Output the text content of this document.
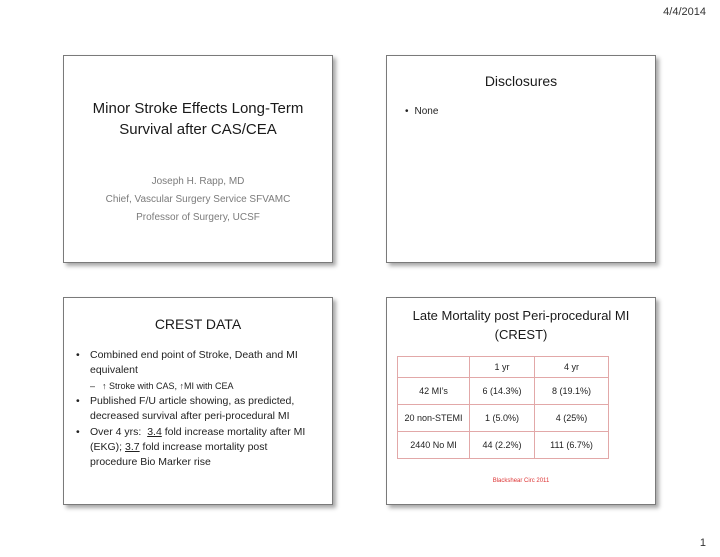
4/4/2014
Minor Stroke Effects Long-Term
Survival after CAS/CEA
Joseph H. Rapp, MD
Chief, Vascular Surgery Service SFVAMC
Professor of Surgery, UCSF
Disclosures
• None
CREST DATA
• Combined end point of Stroke, Death and MI
equivalent
– ↑ Stroke with CAS, ↑MI with CEA
• Published F/U article showing, as predicted,
decreased survival after peri-procedural MI
• Over 4 yrs:  3.4 fold increase mortality after MI
(EKG); 3.7 fold increase mortality post
procedure Bio Marker rise
Late Mortality post Peri-procedural MI
(CREST)
	1 yr	4 yr
42 MI’s	6 (14.3%)	8 (19.1%)
20 non-STEMI	1 (5.0%)	4 (25%)
2440 No MI	44 (2.2%)	111 (6.7%)
Blackshear Circ 2011
1
